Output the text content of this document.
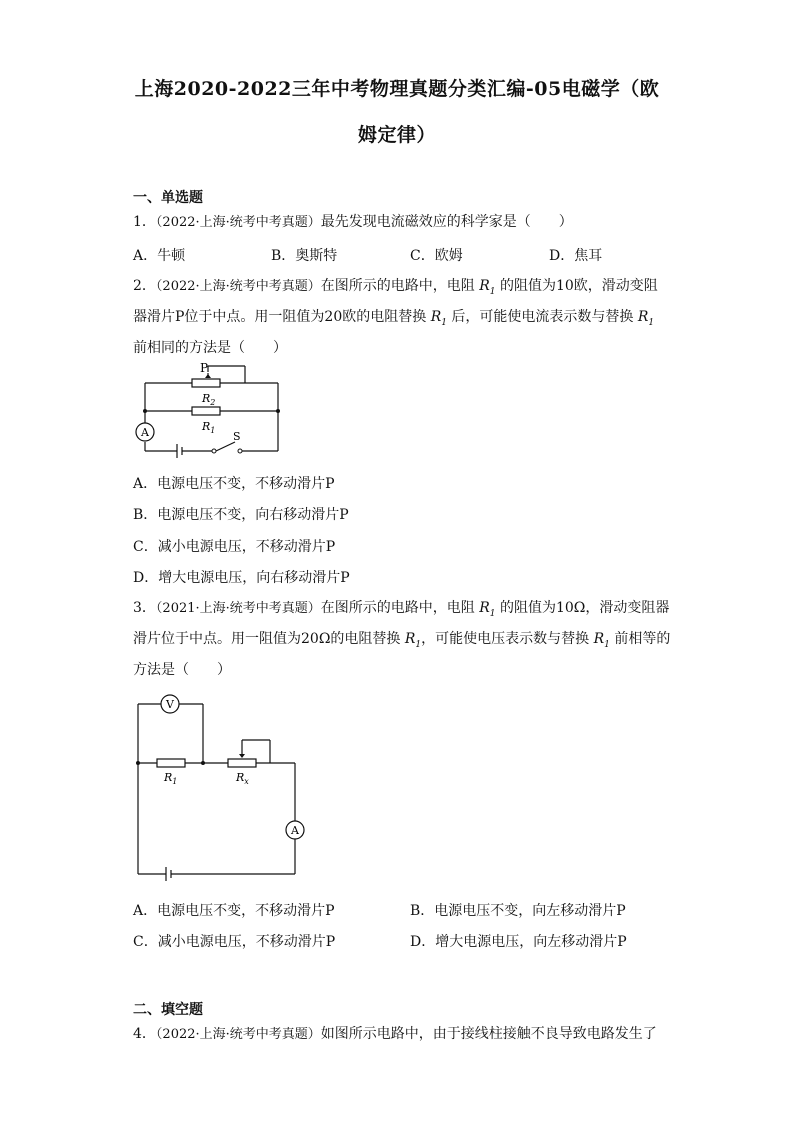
上海2020-2022三年中考物理真题分类汇编-05电磁学（欧
姆定律）
一、单选题
1．（2022·上海·统考中考真题）最先发现电流磁效应的科学家是（　　）
A．牛顿	B．奥斯特	C．欧姆	D．焦耳
2．（2022·上海·统考中考真题）在图所示的电路中，电阻 $R_1$ 的阻值为10欧，滑动变阻
器滑片P位于中点。用一阻值为20欧的电阻替换 $R_1$ 后，可能使电流表示数与替换 $R_1$
前相同的方法是（　　）
P
$R_2$
$R_1$
A	S
A．电源电压不变，不移动滑片P
B．电源电压不变，向右移动滑片P
C．减小电源电压，不移动滑片P
D．增大电源电压，向右移动滑片P
3．（2021·上海·统考中考真题）在图所示的电路中，电阻 $R_1$ 的阻值为10Ω，滑动变阻器
滑片位于中点。用一阻值为20Ω的电阻替换 $R_1$，可能使电压表示数与替换 $R_1$ 前相等的
方法是（　　）
V
A
$R_1$	$R_x$
A．电源电压不变，不移动滑片P	B．电源电压不变，向左移动滑片P
C．减小电源电压，不移动滑片P	D．增大电源电压，向左移动滑片P
二、填空题
4．（2022·上海·统考中考真题）如图所示电路中，由于接线柱接触不良导致电路发生了
